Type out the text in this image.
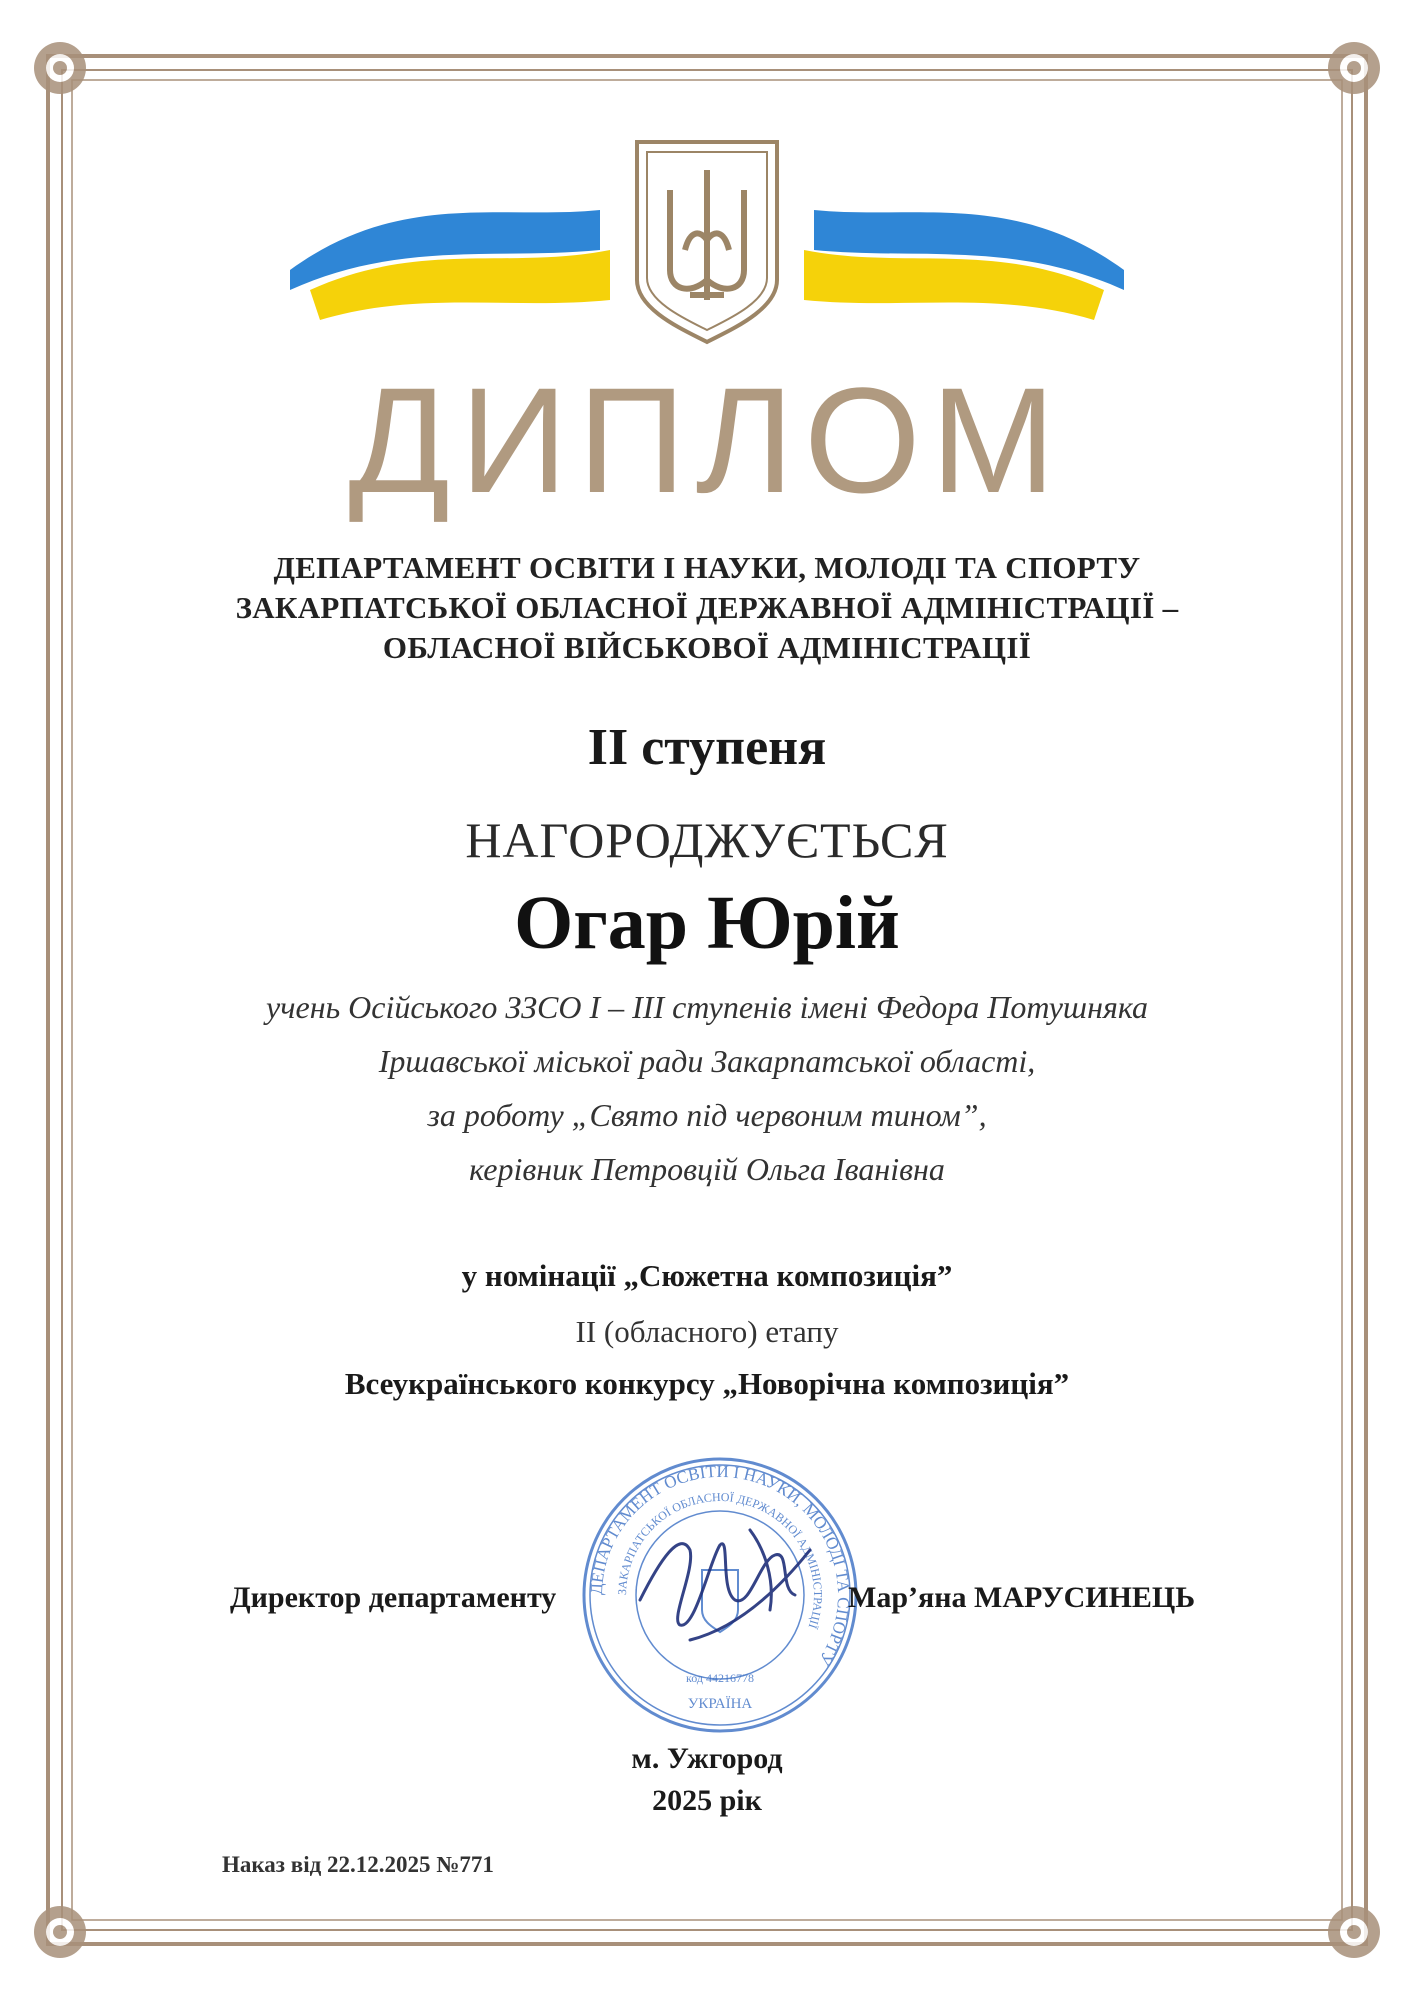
ДИПЛОМ
ДЕПАРТАМЕНТ ОСВІТИ І НАУКИ, МОЛОДІ ТА СПОРТУ
ЗАКАРПАТСЬКОЇ ОБЛАСНОЇ ДЕРЖАВНОЇ АДМІНІСТРАЦІЇ –
ОБЛАСНОЇ ВІЙСЬКОВОЇ АДМІНІСТРАЦІЇ
ІІ ступеня
НАГОРОДЖУЄТЬСЯ
Огар Юрій
учень Осійського ЗЗСО І – ІІІ ступенів імені Федора Потушняка
Іршавської міської ради Закарпатської області,
за роботу „Свято під червоним тином”,
керівник Петровцій Ольга Іванівна
у номінації „Сюжетна композиція”
ІІ (обласного) етапу
Всеукраїнського конкурсу „Новорічна композиція”
ДЕПАРТАМЕНТ ОСВІТИ І НАУКИ, МОЛОДІ ТА СПОРТУ
ЗАКАРПАТСЬКОЇ ОБЛАСНОЇ ДЕРЖАВНОЇ АДМІНІСТРАЦІЇ
код 44216778
УКРАЇНА
Директор департаменту	Мар’яна МАРУСИНЕЦЬ
м. Ужгород
2025 рік
Наказ від 22.12.2025 №771
